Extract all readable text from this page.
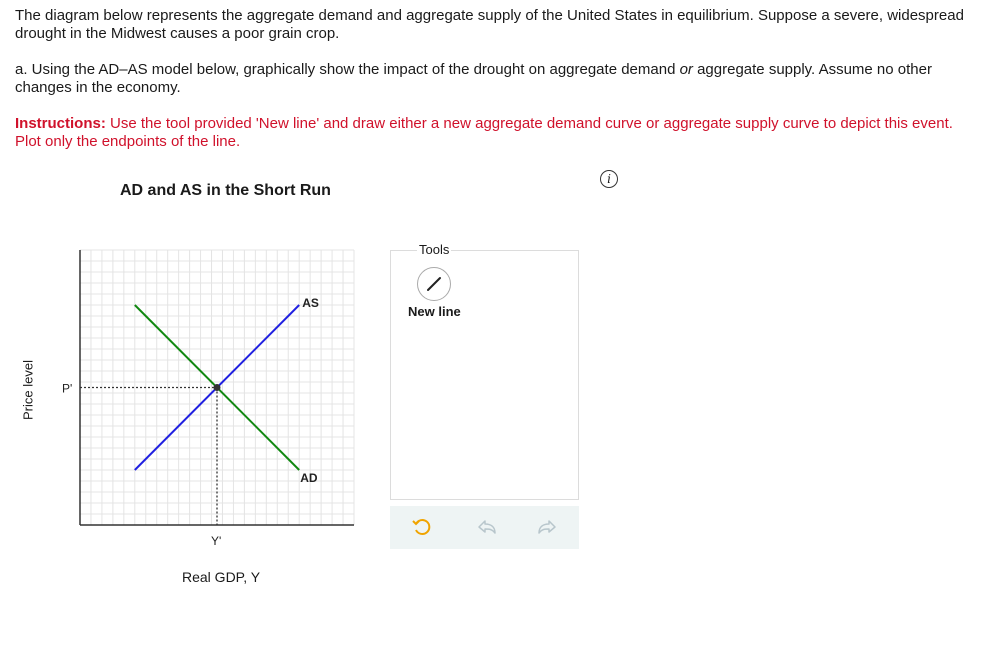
The diagram below represents the aggregate demand and aggregate supply of the United States in equilibrium. Suppose a severe, widespread drought in the Midwest causes a poor grain crop.
a. Using the AD–AS model below, graphically show the impact of the drought on aggregate demand or aggregate supply. Assume no other changes in the economy.
Instructions: Use the tool provided 'New line' and draw either a new aggregate demand curve or aggregate supply curve to depict this event. Plot only the endpoints of the line.
i
AD and AS in the Short Run
Price level
Real GDP, Y
AS
AD
P'
Y'
Tools
New line
